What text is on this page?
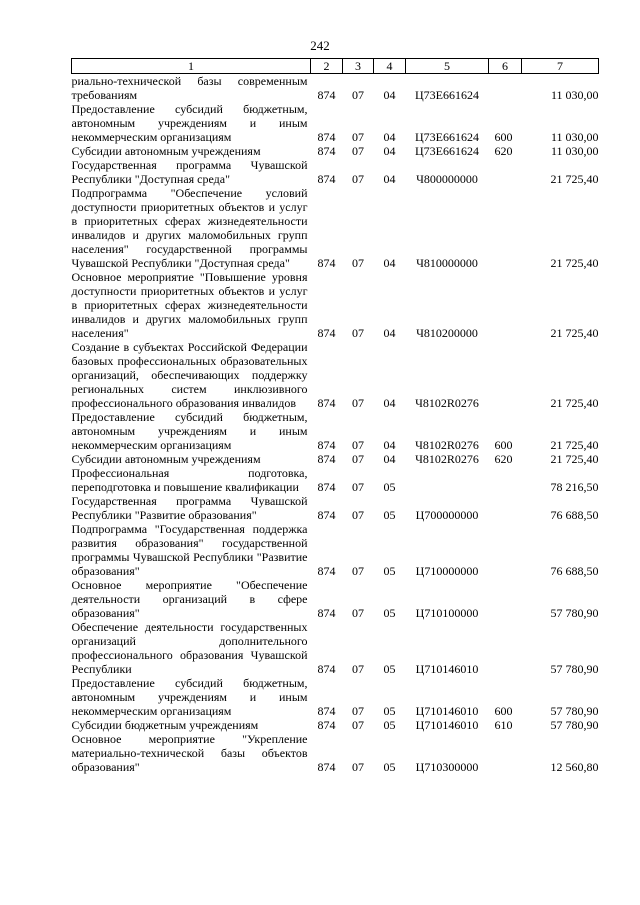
242
1	2	3	4	5	6	7
риально-технической базы современным требованиям	874	07	04	Ц73Е661624		11 030,00
Предоставление субсидий бюджетным, автономным учреждениям и иным некоммерческим организациям	874	07	04	Ц73Е661624	600	11 030,00
Субсидии автономным учреждениям	874	07	04	Ц73Е661624	620	11 030,00
Государственная программа Чувашской Республики "Доступная среда"	874	07	04	Ч800000000		21 725,40
Подпрограмма "Обеспечение условий доступности приоритетных объектов и услуг в приоритетных сферах жизнедеятельности инвалидов и других маломобильных групп населения" государственной программы Чувашской Республики "Доступная среда"	874	07	04	Ч810000000		21 725,40
Основное мероприятие "Повышение уровня доступности приоритетных объектов и услуг в приоритетных сферах жизнедеятельности инвалидов и других маломобильных групп населения"	874	07	04	Ч810200000		21 725,40
Создание в субъектах Российской Федерации базовых профессиональных образовательных организаций, обеспечивающих поддержку региональных систем инклюзивного профессионального образования инвалидов	874	07	04	Ч8102R0276		21 725,40
Предоставление субсидий бюджетным, автономным учреждениям и иным некоммерческим организациям	874	07	04	Ч8102R0276	600	21 725,40
Субсидии автономным учреждениям	874	07	04	Ч8102R0276	620	21 725,40
Профессиональная подготовка, переподготовка и повышение квалификации	874	07	05			78 216,50
Государственная программа Чувашской Республики "Развитие образования"	874	07	05	Ц700000000		76 688,50
Подпрограмма "Государственная поддержка развития образования" государственной программы Чувашской Республики "Развитие образования"	874	07	05	Ц710000000		76 688,50
Основное мероприятие "Обеспечение деятельности организаций в сфере образования"	874	07	05	Ц710100000		57 780,90
Обеспечение деятельности государственных организаций дополнительного профессионального образования Чувашской Республики	874	07	05	Ц710146010		57 780,90
Предоставление субсидий бюджетным, автономным учреждениям и иным некоммерческим организациям	874	07	05	Ц710146010	600	57 780,90
Субсидии бюджетным учреждениям	874	07	05	Ц710146010	610	57 780,90
Основное мероприятие "Укрепление материально-технической базы объектов образования"	874	07	05	Ц710300000		12 560,80
